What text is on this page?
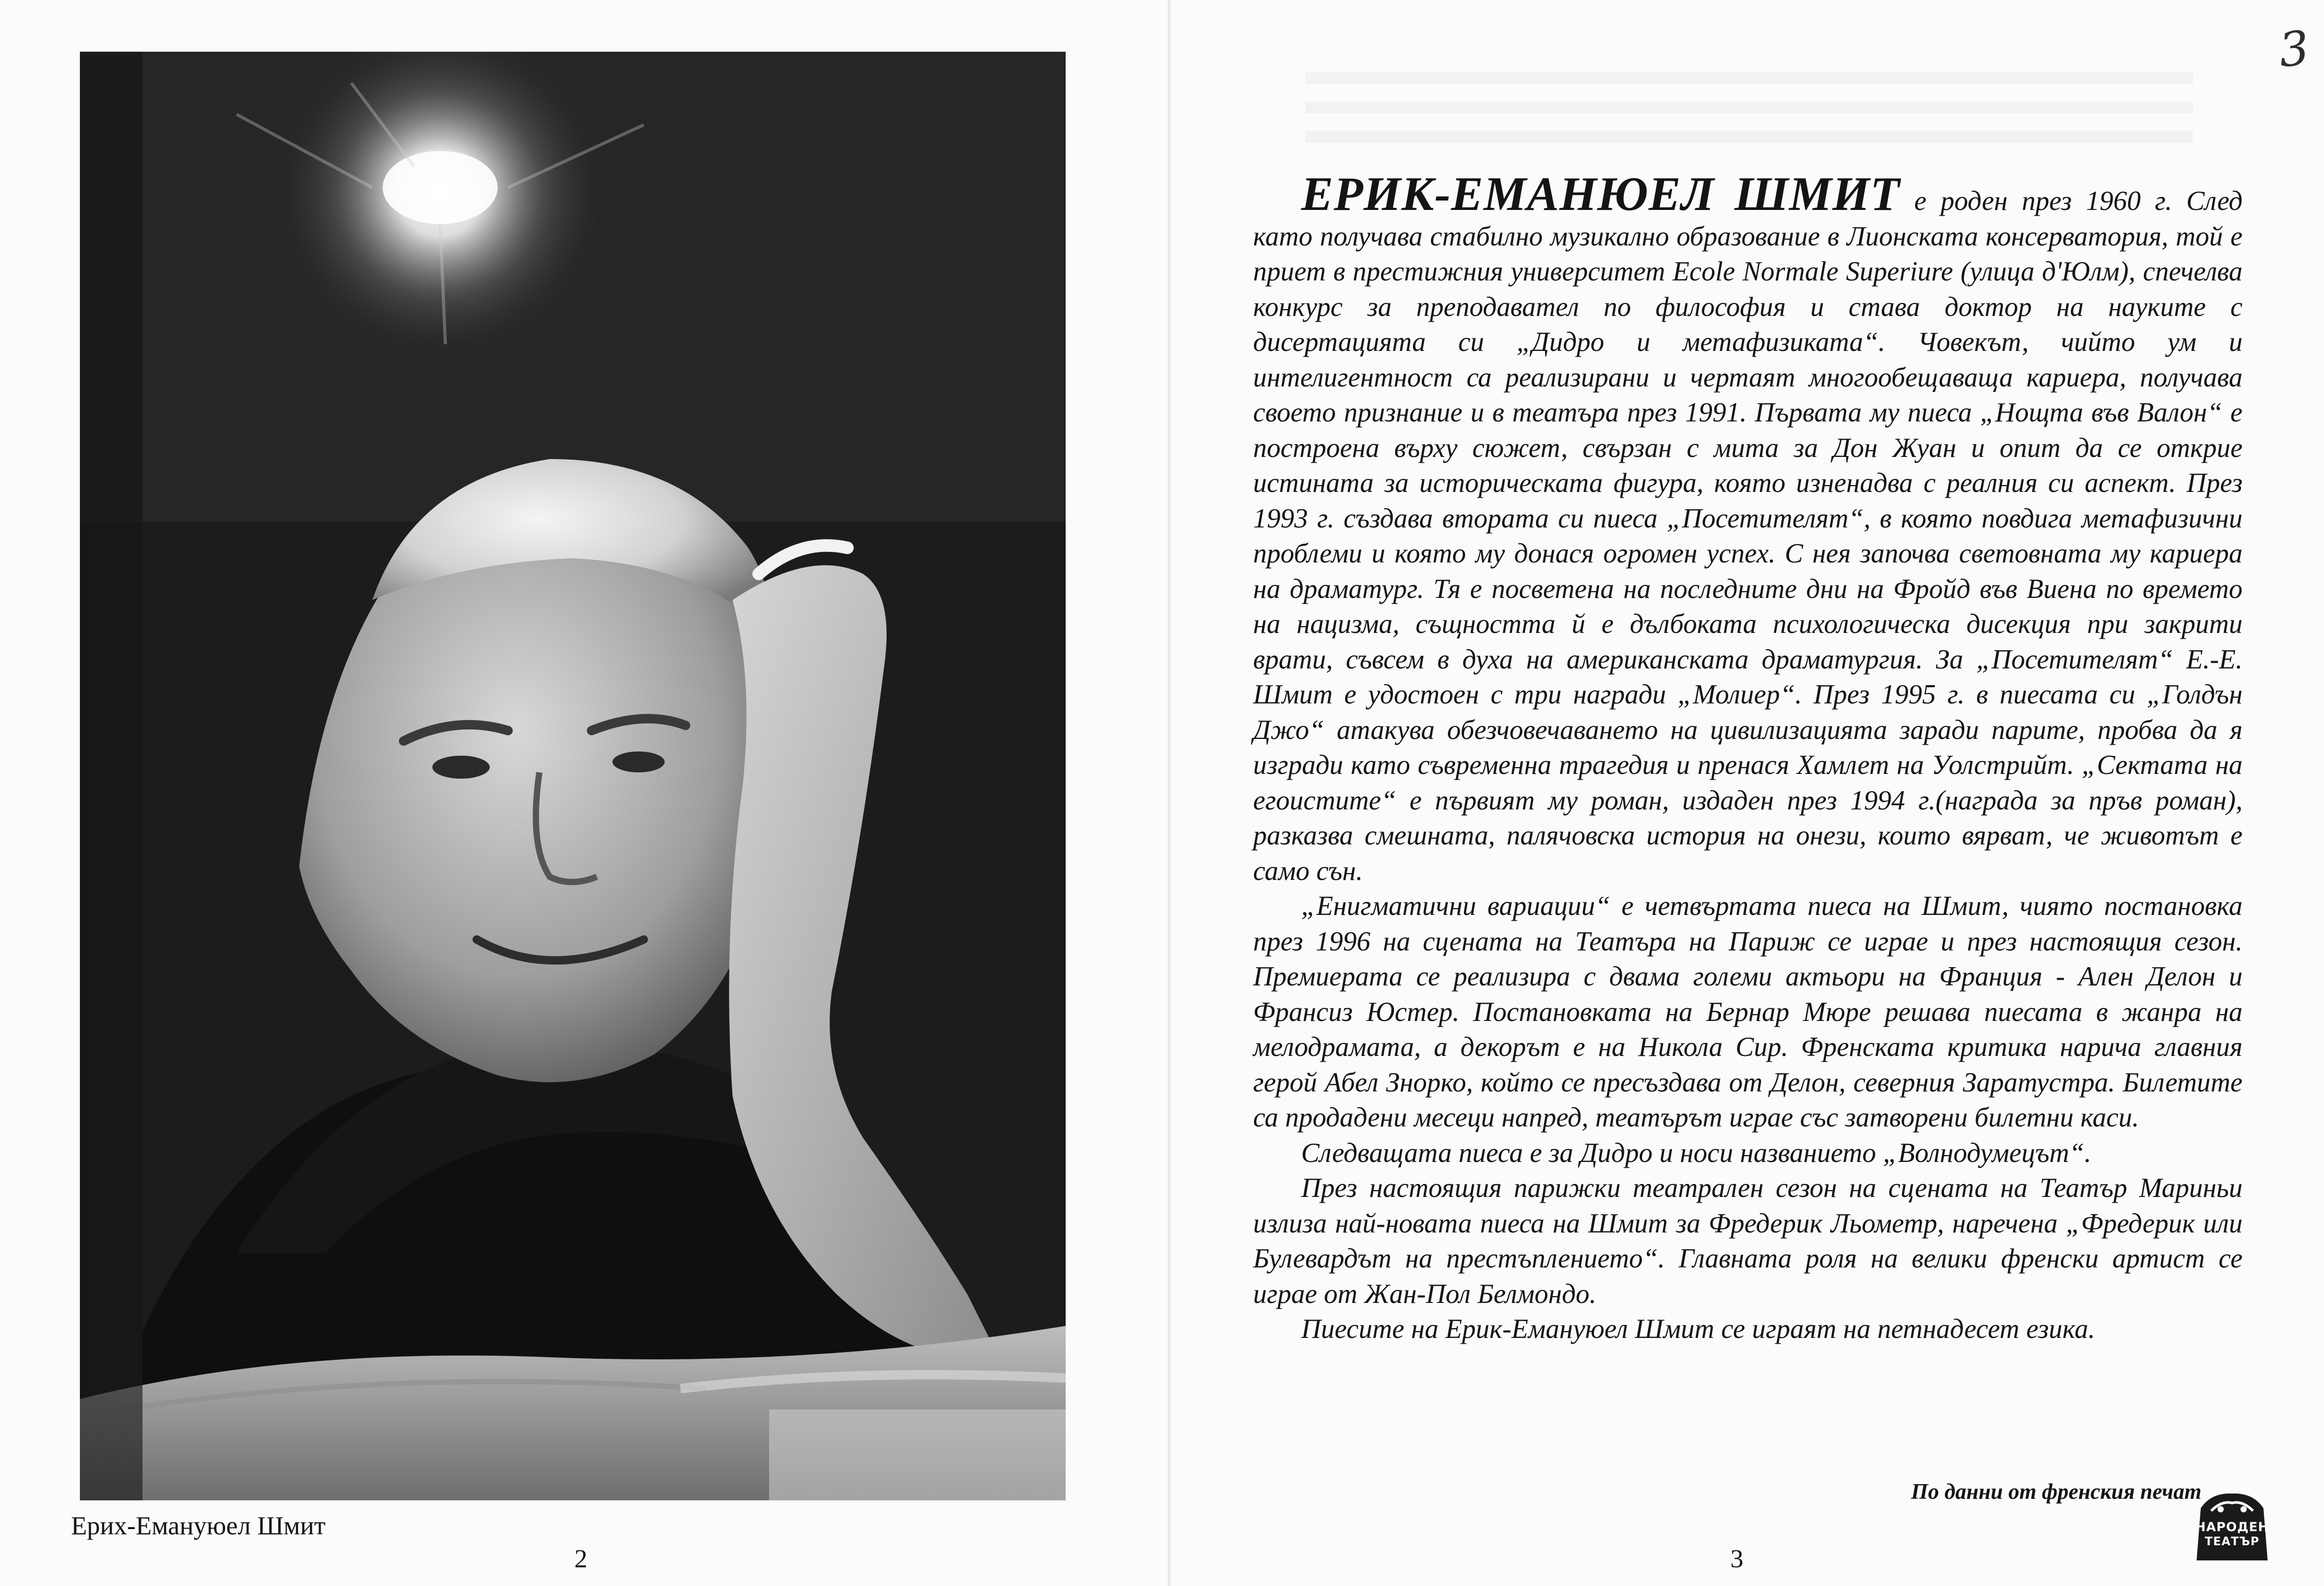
Ерих-Емануюел Шмит
2
3

ЕРИК-ЕМАНЮЕЛ ШМИТ е роден през 1960 г. След като получава стабилно музикално образование в Лионската консерватория, той е приет в престижния университет Ecole Normale Superiure (улица д'Юлм), спечелва конкурс за преподавател по философия и става доктор на науките с дисертацията си „Дидро и метафизиката“. Човекът, чийто ум и интелигентност са реализирани и чертаят многообещаваща кариера, получава своето признание и в театъра през 1991. Първата му пиеса „Нощта във Валон“ е построена върху сюжет, свързан с мита за Дон Жуан и опит да се открие истината за историческата фигура, която изненадва с реалния си аспект. През 1993 г. създава втората си пиеса „Посетителят“, в която повдига метафизични проблеми и която му донася огромен успех. С нея започва световната му кариера на драматург. Тя е посветена на последните дни на Фройд във Виена по времето на нацизма, същността й е дълбоката психологическа дисекция при закрити врати, съвсем в духа на американската драматургия. За „Посетителят“ Е.-Е. Шмит е удостоен с три награди „Молиер“. През 1995 г. в пиесата си „Голдън Джо“ атакува обезчовечаването на цивилизацията заради парите, пробва да я изгради като съвременна трагедия и пренася Хамлет на Уолстрийт. „Сектата на егоистите“ е първият му роман, издаден през 1994 г.(награда за пръв роман), разказва смешната, палячовска история на онези, които вярват, че животът е само сън.

„Енигматични вариации“ е четвъртата пиеса на Шмит, чиято постановка през 1996 на сцената на Театъра на Париж се играе и през настоящия сезон. Премиерата се реализира с двама големи актьори на Франция - Ален Делон и Франсиз Юстер. Постановката на Бернар Мюре решава пиесата в жанра на мелодрамата, а декорът е на Никола Сир. Френската критика нарича главния герой Абел Знорко, който се пресъздава от Делон, северния Заратустра. Билетите са продадени месеци напред, театърът играе със затворени билетни каси.

Следващата пиеса е за Дидро и носи названието „Волнодумецът“.

През настоящия парижки театрален сезон на сцената на Театър Мариньи излиза най-новата пиеса на Шмит за Фредерик Льометр, наречена „Фредерик или Булевардът на престъплението“. Главната роля на велики френски артист се играе от Жан-Пол Белмондо.

Пиесите на Ерик-Емануюел Шмит се играят на петнадесет езика.

По данни от френския печат
НАРОДЕН
ТЕАТЪР
3
